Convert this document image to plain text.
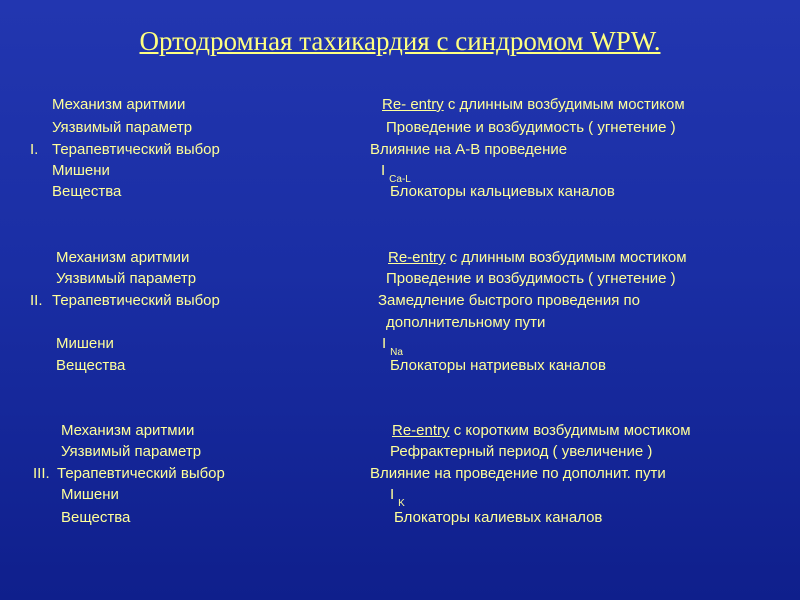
Ортодромная тахикардия с синдромом WPW.
Механизм аритмии
Уязвимый параметр
I. Терапевтический выбор
Мишени
Вещества
Re- entry с длинным возбудимым мостиком
Проведение и возбудимость ( угнетение )
Влияние на А-В проведение
$I_{Ca-L}$
Блокаторы кальциевых каналов
Механизм аритмии
Уязвимый параметр
II. Терапевтический выбор
Мишени
Вещества
Re-entry с длинным возбудимым мостиком
Проведение и возбудимость ( угнетение )
Замедление быстрого проведения по
дополнительному пути
$I_{Na}$
Блокаторы натриевых каналов
Механизм аритмии
Уязвимый параметр
III. Терапевтический выбор
Мишени
Вещества
Re-entry с коротким возбудимым мостиком
Рефрактерный период ( увеличение )
Влияние на проведение по дополнит. пути
$I_K$
Блокаторы калиевых каналов
